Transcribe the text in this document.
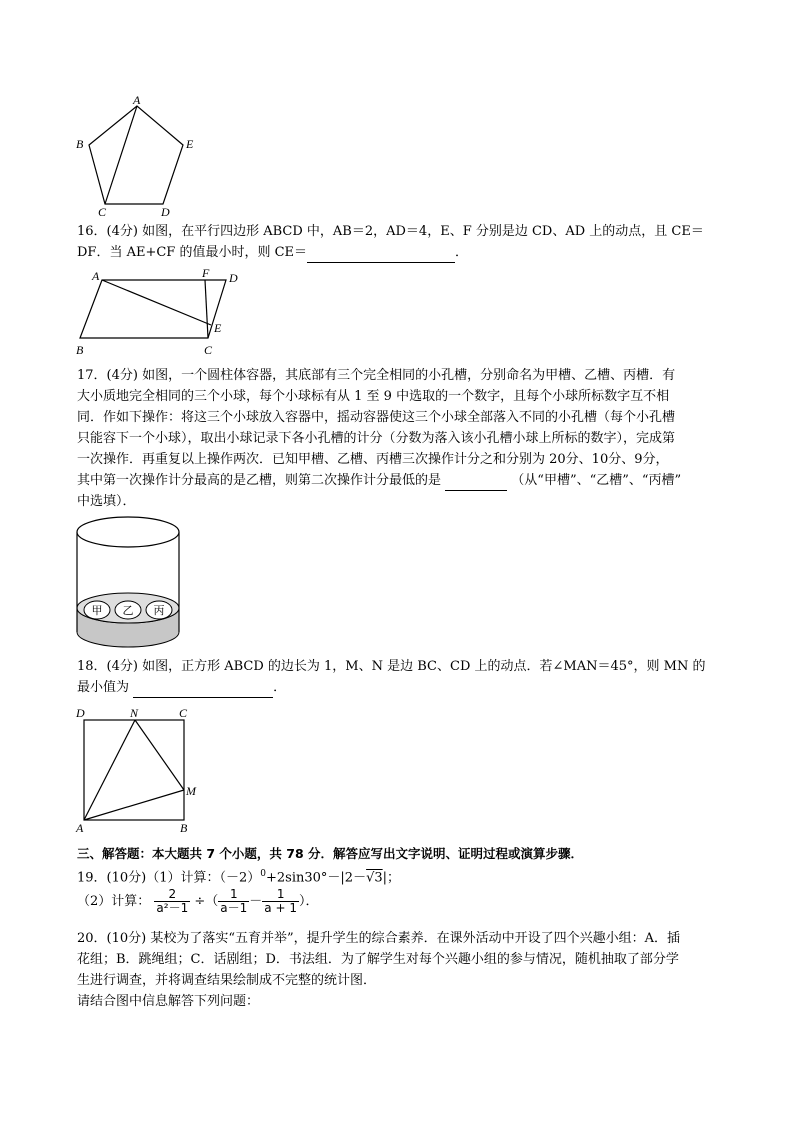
A
B	E
C	D
16．(4分) 如图，在平行四边形 ABCD 中，AB＝2，AD＝4，E、F 分别是边 CD、AD 上的动点，且 CE＝
DF．当 AE+CF 的值最小时，则 CE＝	．
A	F D
E
B	C
17．(4分) 如图，一个圆柱体容器，其底部有三个完全相同的小孔槽，分别命名为甲槽、乙槽、丙槽．有
大小质地完全相同的三个小球，每个小球标有从 1 至 9 中选取的一个数字，且每个小球所标数字互不相
同．作如下操作：将这三个小球放入容器中，摇动容器使这三个小球全部落入不同的小孔槽（每个小孔槽
只能容下一个小球），取出小球记录下各小孔槽的计分（分数为落入该小孔槽小球上所标的数字），完成第
一次操作．再重复以上操作两次．已知甲槽、乙槽、丙槽三次操作计分之和分别为 20分、10分、9分，
其中第一次操作计分最高的是乙槽，则第二次操作计分最低的是	（从“甲槽”、“乙槽”、“丙槽”
中选填）．
甲 乙 丙
18．(4分) 如图，正方形 ABCD 的边长为 1，M、N 是边 BC、CD 上的动点．若∠MAN＝45°，则 MN 的
最小值为	．
D	N	C
M
A	B
三、解答题：本大题共 7 个小题，共 78 分．解答应写出文字说明、证明过程或演算步骤．
19．(10分)（1）计算：$(-2)^0+2\sin 30^\circ-|2-√3|$；
（2）计算： $\frac{2}{\text{a²－1}}$ ÷（ $\frac{1}{a-1} - \frac{1}{a + 1}$ ）．
20．(10分) 某校为了落实“五育并举”，提升学生的综合素养．在课外活动中开设了四个兴趣小组：A．插
花组；B．跳绳组；C．话剧组；D．书法组．为了解学生对每个兴趣小组的参与情况，随机抽取了部分学
生进行调查，并将调查结果绘制成不完整的统计图．
请结合图中信息解答下列问题：
